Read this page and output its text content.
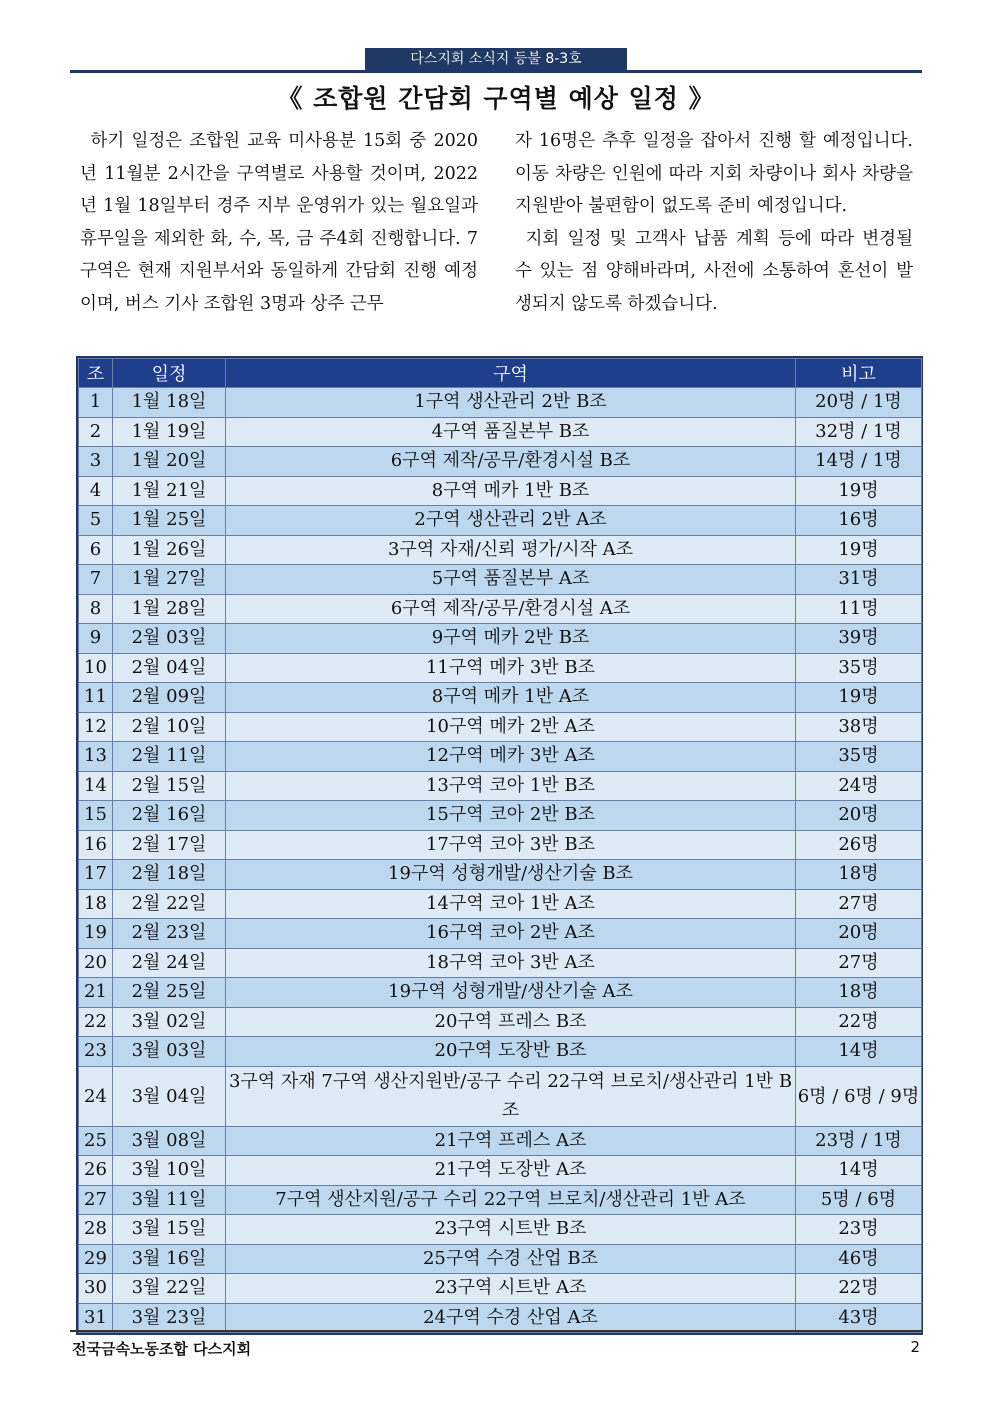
다스지회 소식지 등불 8-3호
《 조합원 간담회 구역별 예상 일정 》

하기 일정은 조합원 교육 미사용분 15회 중 2020년 11월분 2시간을 구역별로 사용할 것이며, 2022년 1월 18일부터 경주 지부 운영위가 있는 월요일과 휴무일을 제외한 화, 수, 목, 금 주4회 진행합니다. 7구역은 현재 지원부서와 동일하게 간담회 진행 예정이며, 버스 기사 조합원 3명과 상주 근무

자 16명은 추후 일정을 잡아서 진행 할 예정입니다. 이동 차량은 인원에 따라 지회 차량이나 회사 차량을 지원받아 불편함이 없도록 준비 예정입니다.

지회 일정 및 고객사 납품 계획 등에 따라 변경될 수 있는 점 양해바라며, 사전에 소통하여 혼선이 발생되지 않도록 하겠습니다.

조	일정	구역	비고
1	1월 18일	1구역 생산관리 2반 B조	20명 / 1명
2	1월 19일	4구역 품질본부 B조	32명 / 1명
3	1월 20일	6구역 제작/공무/환경시설 B조	14명 / 1명
4	1월 21일	8구역 메카 1반 B조	19명
5	1월 25일	2구역 생산관리 2반 A조	16명
6	1월 26일	3구역 자재/신뢰 평가/시작 A조	19명
7	1월 27일	5구역 품질본부 A조	31명
8	1월 28일	6구역 제작/공무/환경시설 A조	11명
9	2월 03일	9구역 메카 2반 B조	39명
10	2월 04일	11구역 메카 3반 B조	35명
11	2월 09일	8구역 메카 1반 A조	19명
12	2월 10일	10구역 메카 2반 A조	38명
13	2월 11일	12구역 메카 3반 A조	35명
14	2월 15일	13구역 코아 1반 B조	24명
15	2월 16일	15구역 코아 2반 B조	20명
16	2월 17일	17구역 코아 3반 B조	26명
17	2월 18일	19구역 성형개발/생산기술 B조	18명
18	2월 22일	14구역 코아 1반 A조	27명
19	2월 23일	16구역 코아 2반 A조	20명
20	2월 24일	18구역 코아 3반 A조	27명
21	2월 25일	19구역 성형개발/생산기술 A조	18명
22	3월 02일	20구역 프레스 B조	22명
23	3월 03일	20구역 도장반 B조	14명
24	3월 04일	3구역 자재 7구역 생산지원반/공구 수리 22구역 브로치/생산관리 1반 B조	6명 / 6명 / 9명
25	3월 08일	21구역 프레스 A조	23명 / 1명
26	3월 10일	21구역 도장반 A조	14명
27	3월 11일	7구역 생산지원/공구 수리 22구역 브로치/생산관리 1반 A조	5명 / 6명
28	3월 15일	23구역 시트반 B조	23명
29	3월 16일	25구역 수경 산업 B조	46명
30	3월 22일	23구역 시트반 A조	22명
31	3월 23일	24구역 수경 산업 A조	43명
전국금속노동조합 다스지회	2
